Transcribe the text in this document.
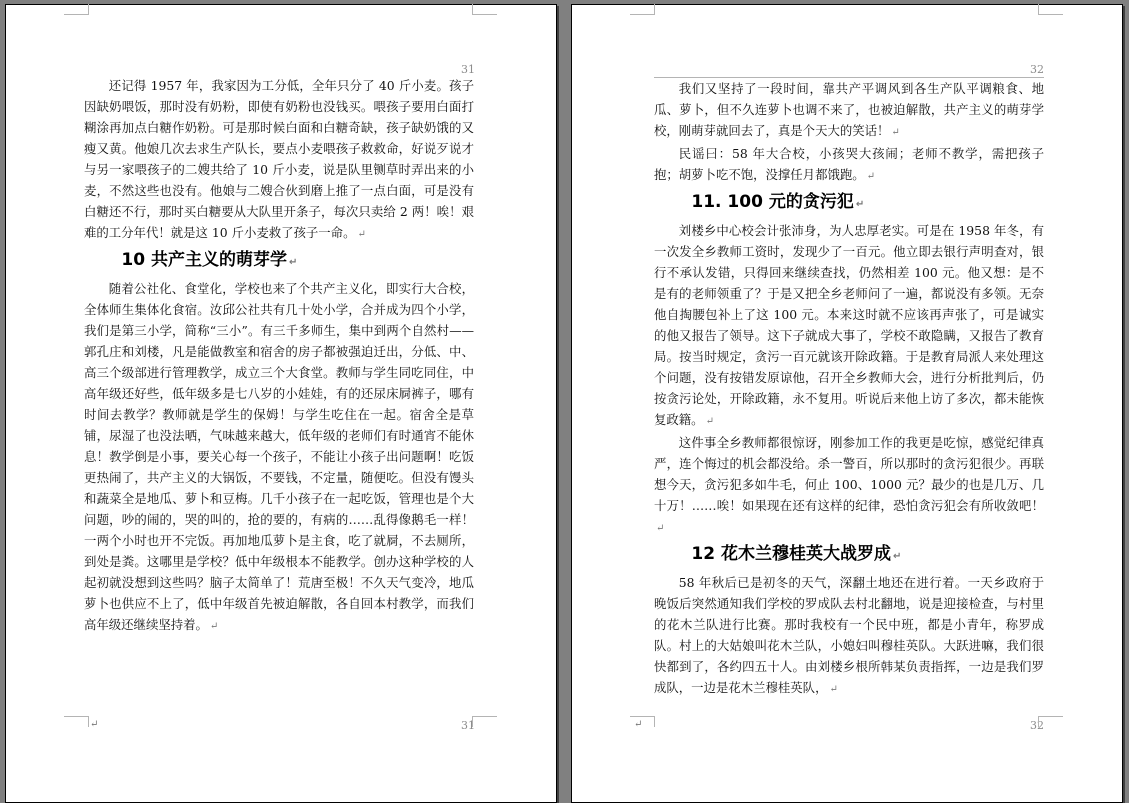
31

还记得 1957 年，我家因为工分低，全年只分了 40 斤小麦。孩子因缺奶喂饭，那时没有奶粉，即使有奶粉也没钱买。喂孩子要用白面打糊涂再加点白糖作奶粉。可是那时候白面和白糖奇缺，孩子缺奶饿的又瘦又黄。他娘几次去求生产队长，要点小麦喂孩子救救命，好说歹说才与另一家喂孩子的二嫂共给了 10 斤小麦，说是队里铡草时弄出来的小麦，不然这些也没有。他娘与二嫂合伙到磨上推了一点白面，可是没有白糖还不行，那时买白糖要从大队里开条子，每次只卖给 2 两！唉！艰难的工分年代！就是这 10 斤小麦救了孩子一命。 ↵

10 共产主义的萌芽学 ↵

随着公社化、食堂化，学校也来了个共产主义化，即实行大合校，全体师生集体化食宿。汝邱公社共有几十处小学，合并成为四个小学，我们是第三小学，简称“三小”。有三千多师生，集中到两个自然村——郭孔庄和刘楼，凡是能做教室和宿舍的房子都被强迫迁出，分低、中、高三个级部进行管理教学，成立三个大食堂。教师与学生同吃同住，中高年级还好些，低年级多是七八岁的小娃娃，有的还尿床屙裤子，哪有时间去教学？教师就是学生的保姆！与学生吃住在一起。宿舍全是草铺，尿湿了也没法晒，气味越来越大，低年级的老师们有时通宵不能休息！教学倒是小事，要关心每一个孩子，不能让小孩子出问题啊！吃饭更热闹了，共产主义的大锅饭，不要钱，不定量，随便吃。但没有馒头和蔬菜全是地瓜、萝卜和豆梅。几千小孩子在一起吃饭，管理也是个大问题，吵的闹的，哭的叫的，抢的要的，有病的……乱得像鹅毛一样！一两个小时也开不完饭。再加地瓜萝卜是主食，吃了就屙，不去厕所，到处是粪。这哪里是学校？低中年级根本不能教学。创办这种学校的人起初就没想到这些吗？脑子太简单了！荒唐至极！不久天气变冷，地瓜萝卜也供应不上了，低中年级首先被迫解散，各自回本村教学，而我们高年级还继续坚持着。 ↵

↵	31
32

我们又坚持了一段时间，靠共产平调风到各生产队平调粮食、地瓜、萝卜，但不久连萝卜也调不来了，也被迫解散，共产主义的萌芽学校，刚萌芽就回去了，真是个天大的笑话！ ↵

民谣曰：58 年大合校，小孩哭大孩闹；老师不教学，需把孩子抱；胡萝卜吃不饱，没撑任月都饿跑。 ↵

11. 100 元的贪污犯 ↵

刘楼乡中心校会计张沛身，为人忠厚老实。可是在 1958 年冬，有一次发全乡教师工资时，发现少了一百元。他立即去银行声明查对，银行不承认发错，只得回来继续查找，仍然相差 100 元。他又想：是不是有的老师领重了？于是又把全乡老师问了一遍，都说没有多领。无奈他自掏腰包补上了这 100 元。本来这时就不应该再声张了，可是诚实的他又报告了领导。这下子就成大事了，学校不敢隐瞒，又报告了教育局。按当时规定，贪污一百元就该开除政籍。于是教育局派人来处理这个问题，没有按错发原谅他，召开全乡教师大会，进行分析批判后，仍按贪污论处，开除政籍，永不复用。听说后来他上访了多次，都未能恢复政籍。 ↵

这件事全乡教师都很惊讶，刚参加工作的我更是吃惊，感觉纪律真严，连个悔过的机会都没给。杀一警百，所以那时的贪污犯很少。再联想今天，贪污犯多如牛毛，何止 100、1000 元？最少的也是几万、几十万！……唉！如果现在还有这样的纪律，恐怕贪污犯会有所收敛吧！↵

12 花木兰穆桂英大战罗成 ↵

58 年秋后已是初冬的天气，深翻土地还在进行着。一天乡政府于晚饭后突然通知我们学校的罗成队去村北翻地，说是迎接检查，与村里的花木兰队进行比赛。那时我校有一个民中班，都是小青年，称罗成队。村上的大姑娘叫花木兰队，小媳妇叫穆桂英队。大跃进嘛，我们很快都到了，各约四五十人。由刘楼乡根所韩某负责指挥，一边是我们罗成队，一边是花木兰穆桂英队， ↵

↵	32
